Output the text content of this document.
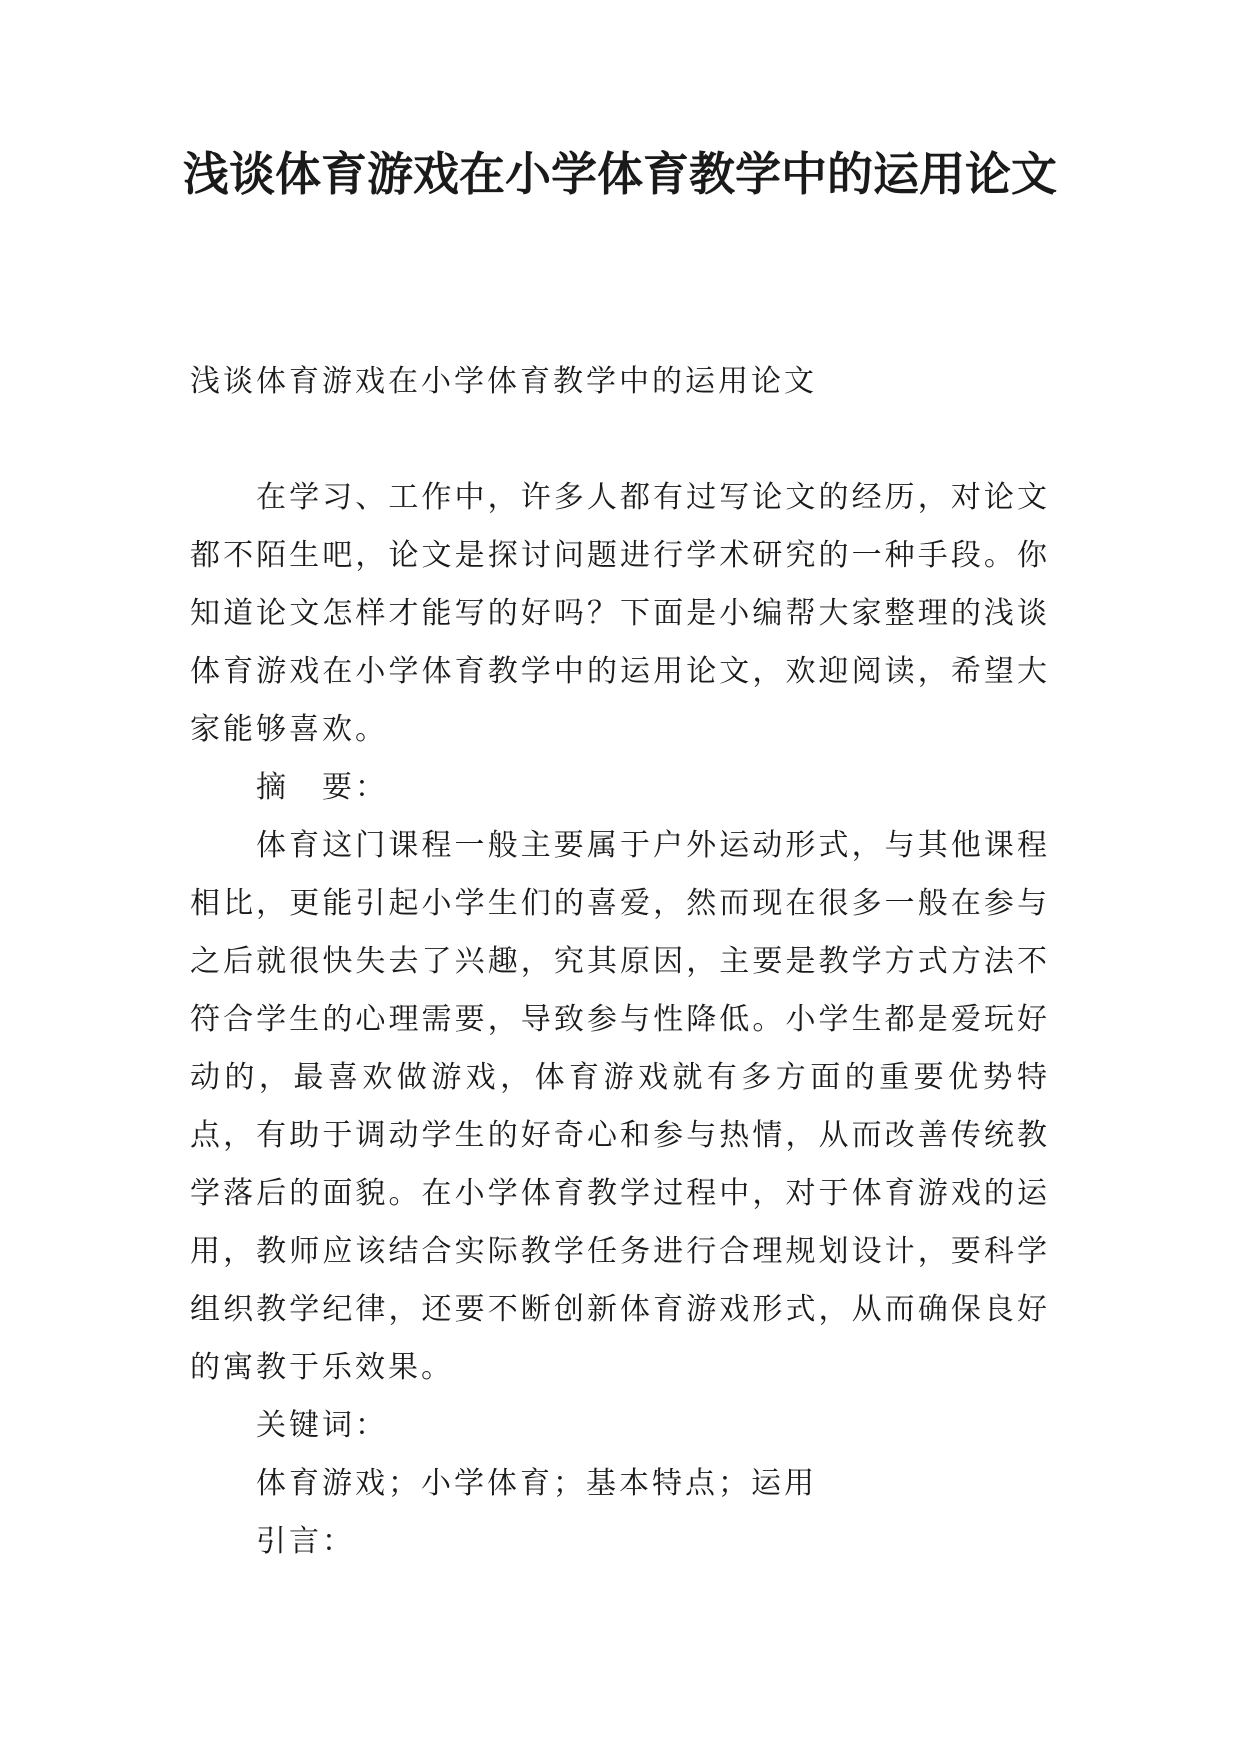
浅谈体育游戏在小学体育教学中的运用论文

浅谈体育游戏在小学体育教学中的运用论文

在学习、工作中，许多人都有过写论文的经历，对论文都不陌生吧，论文是探讨问题进行学术研究的一种手段。你知道论文怎样才能写的好吗？下面是小编帮大家整理的浅谈体育游戏在小学体育教学中的运用论文，欢迎阅读，希望大家能够喜欢。

摘　要：

体育这门课程一般主要属于户外运动形式，与其他课程相比，更能引起小学生们的喜爱，然而现在很多一般在参与之后就很快失去了兴趣，究其原因，主要是教学方式方法不符合学生的心理需要，导致参与性降低。小学生都是爱玩好动的，最喜欢做游戏，体育游戏就有多方面的重要优势特点，有助于调动学生的好奇心和参与热情，从而改善传统教学落后的面貌。在小学体育教学过程中，对于体育游戏的运用，教师应该结合实际教学任务进行合理规划设计，要科学组织教学纪律，还要不断创新体育游戏形式，从而确保良好的寓教于乐效果。

关键词：

体育游戏；小学体育；基本特点；运用

引言：
